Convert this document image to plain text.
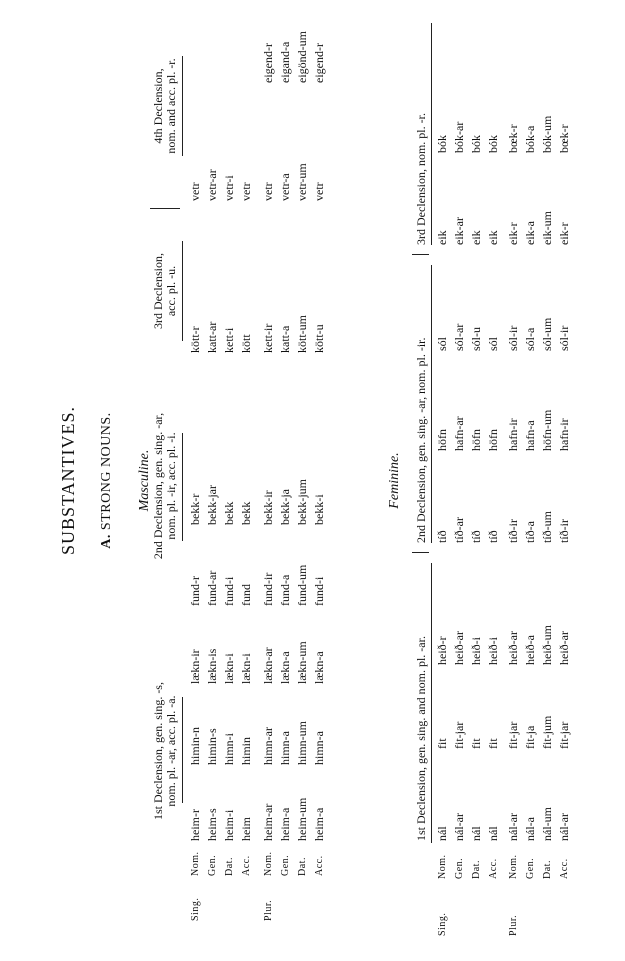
SUBSTANTIVES. A. STRONG NOUNS. Masculine.
1st Declension, gen. sing. -s, nom. pl. -ar, acc. pl. -a.
2nd Declension, gen. sing. -ar, nom. pl. -ir, acc. pl. -i.
3rd Declension, acc. pl. -u.
4th Declension, nom. and acc. pl. -r.
Sing.	Plur.
Nom. Gen. Dat. Acc. Nom. Gen. Dat. Acc.
heim-r heim-s heim-i heim heim-ar heim-a heim-um heim-a
himin-n himin-s himn-i himin himn-ar himn-a himn-um himn-a
lækn-ir lækn-is lækn-i lækn-i lækn-ar lækn-a lækn-um lækn-a
fund-r fund-ar fund-i fund fund-ir fund-a fund-um fund-i
bekk-r bekk-jar bekk bekk bekk-ir bekk-ja bekk-jum bekk-i
kött-r katt-ar kett-i kött kett-ir katt-a kött-um kött-u
vetr vetr-ar vetr-i vetr vetr vetr-a vetr-um vetr
eigend-r eigand-a eigönd-um eigend-r
Feminine.
1st Declension, gen. sing. and nom. pl. -ar.
2nd Declension, gen. sing. -ar, nom. pl. -ir.
3rd Declension, nom. pl. -r.
Sing.	Plur.
Nom. Gen. Dat. Acc. Nom. Gen. Dat. Acc.
nál nál-ar nál nál nál-ar nál-a nál-um nál-ar
fit fit-jar fit fit fit-jar fit-ja fit-jum fit-jar
heið-r heið-ar heið-i heið-i heið-ar heið-a heið-um heið-ar
tíð tíð-ar tíð tíð tíð-ir tíð-a tíð-um tíð-ir
höfn hafn-ar höfn höfn hafn-ir hafn-a höfn-um hafn-ir
sól sól-ar sól-u sól sól-ir sól-a sól-um sól-ir
eik eik-ar eik eik eik-r eik-a eik-um eik-r
bók bók-ar bók bók bœk-r bók-a bók-um bœk-r
